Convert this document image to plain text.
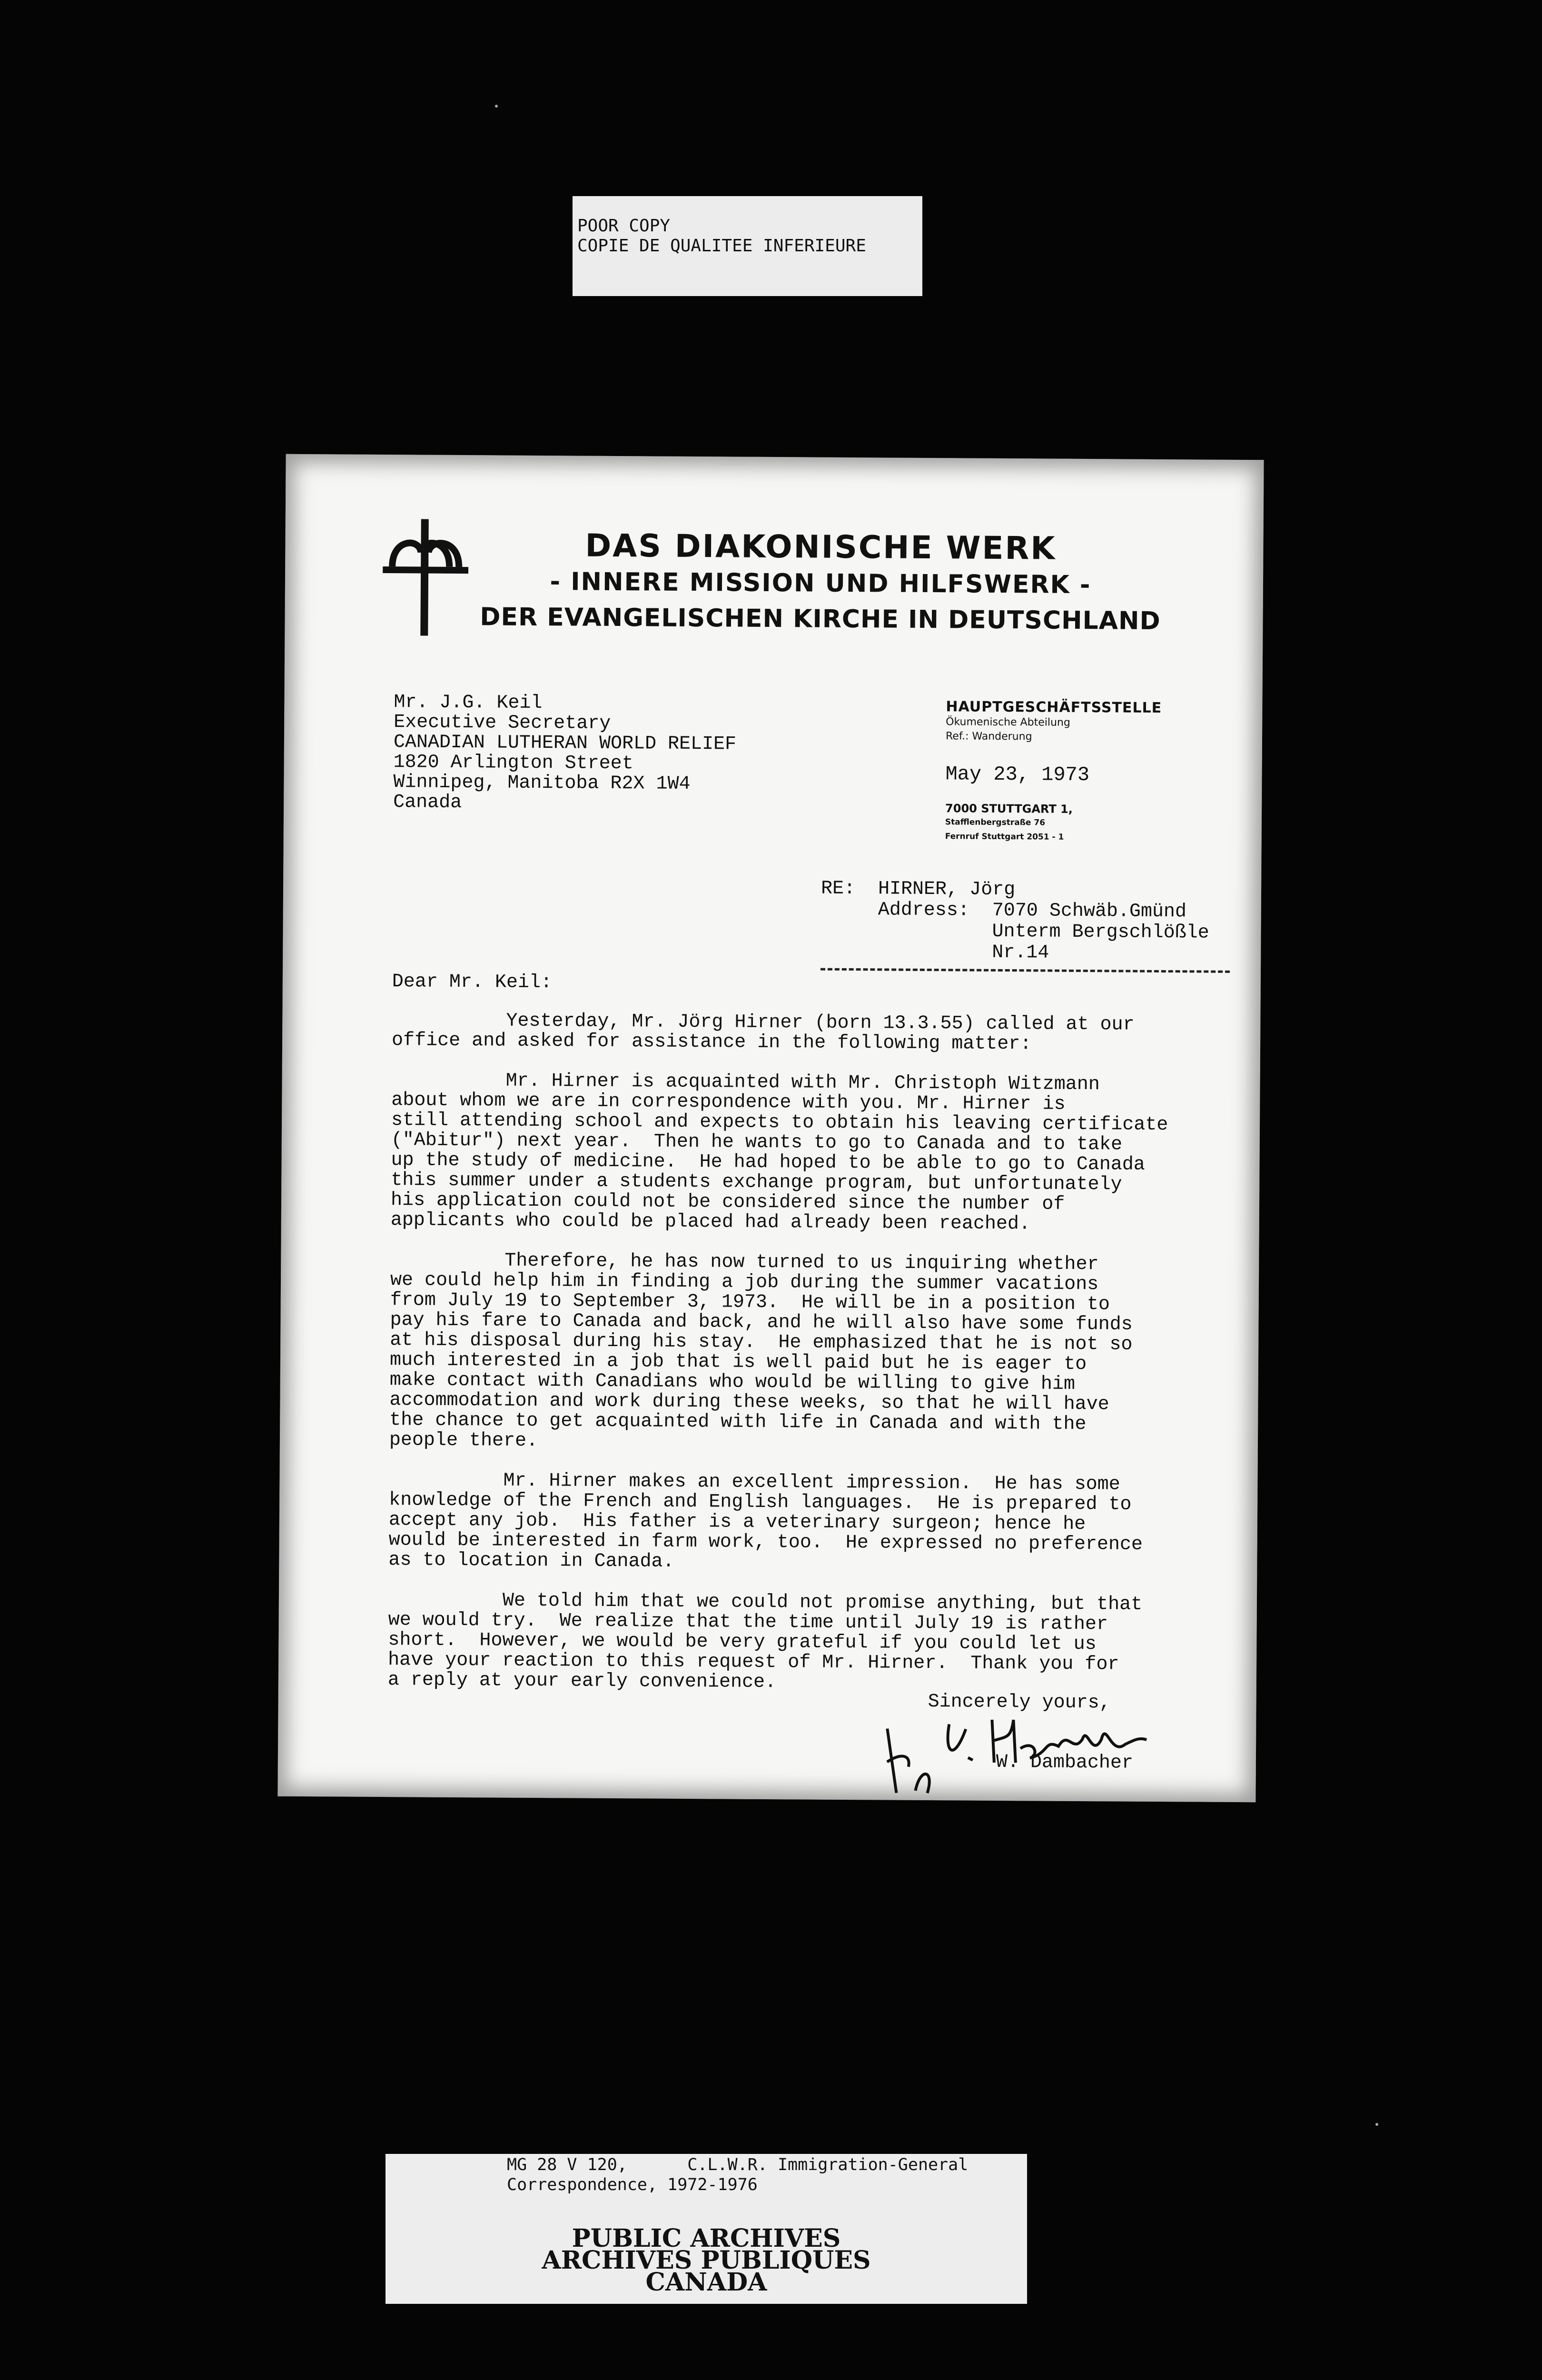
POOR COPY
COPIE DE QUALITEE INFERIEURE
DAS DIAKONISCHE WERK
- INNERE MISSION UND HILFSWERK -
DER EVANGELISCHEN KIRCHE IN DEUTSCHLAND
Mr. J.G. Keil
Executive Secretary
CANADIAN LUTHERAN WORLD RELIEF
1820 Arlington Street
Winnipeg, Manitoba R2X 1W4
Canada
HAUPTGESCHÄFTSSTELLE
Ökumenische Abteilung
Ref.: Wanderung
May 23, 1973
7000 STUTTGART 1,
Stafflenbergstraße 76
Fernruf Stuttgart 2051 - 1
RE:  HIRNER, Jörg
Address:  7070 Schwäb.Gmünd
Unterm Bergschlößle
Nr.14
Dear Mr. Keil:
Yesterday, Mr. Jörg Hirner (born 13.3.55) called at our
office and asked for assistance in the following matter:

Mr. Hirner is acquainted with Mr. Christoph Witzmann
about whom we are in correspondence with you. Mr. Hirner is
still attending school and expects to obtain his leaving certificate
("Abitur") next year.  Then he wants to go to Canada and to take
up the study of medicine.  He had hoped to be able to go to Canada
this summer under a students exchange program, but unfortunately
his application could not be considered since the number of
applicants who could be placed had already been reached.

Therefore, he has now turned to us inquiring whether
we could help him in finding a job during the summer vacations
from July 19 to September 3, 1973.  He will be in a position to
pay his fare to Canada and back, and he will also have some funds
at his disposal during his stay.  He emphasized that he is not so
much interested in a job that is well paid but he is eager to
make contact with Canadians who would be willing to give him
accommodation and work during these weeks, so that he will have
the chance to get acquainted with life in Canada and with the
people there.

Mr. Hirner makes an excellent impression.  He has some
knowledge of the French and English languages.  He is prepared to
accept any job.  His father is a veterinary surgeon; hence he
would be interested in farm work, too.  He expressed no preference
as to location in Canada.

We told him that we could not promise anything, but that
we would try.  We realize that the time until July 19 is rather
short.  However, we would be very grateful if you could let us
have your reaction to this request of Mr. Hirner.  Thank you for
a reply at your early convenience.
Sincerely yours,

W. Dambacher
MG 28 V 120,      C.L.W.R. Immigration-General
Correspondence, 1972-1976
PUBLIC ARCHIVES
ARCHIVES PUBLIQUES
CANADA
